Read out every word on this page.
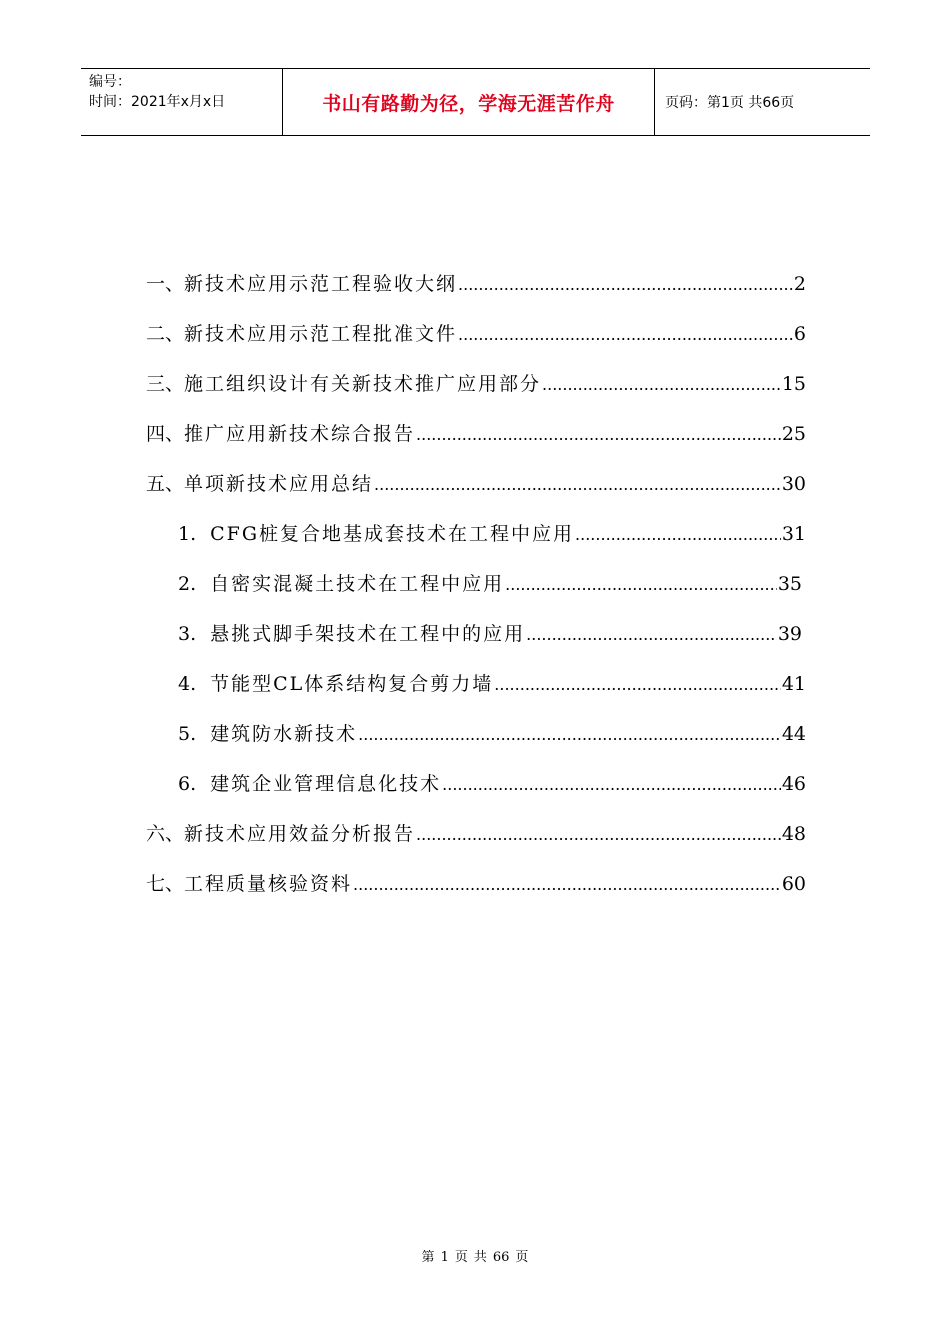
编号：
时间：2021年x月x日	书山有路勤为径，学海无涯苦作舟	页码：第1页 共66页
一、 新技术应用示范工程验收大纲 .....	2
二、 新技术应用示范工程批准文件 .....	6
三、 施工组织设计有关新技术推广应用部分 .....	15
四、 推广应用新技术综合报告 .....	25
五、 单项新技术应用总结 .....	30
1. CFG桩复合地基成套技术在工程中应用 .....	31
2. 自密实混凝土技术在工程中应用 .....	35
3. 悬挑式脚手架技术在工程中的应用 .....	39
4. 节能型CL体系结构复合剪力墙 .....	41
5. 建筑防水新技术 .....	44
6. 建筑企业管理信息化技术 .....	46
六、 新技术应用效益分析报告 .....	48
七、 工程质量核验资料 .....	60
第 1 页 共 66 页
